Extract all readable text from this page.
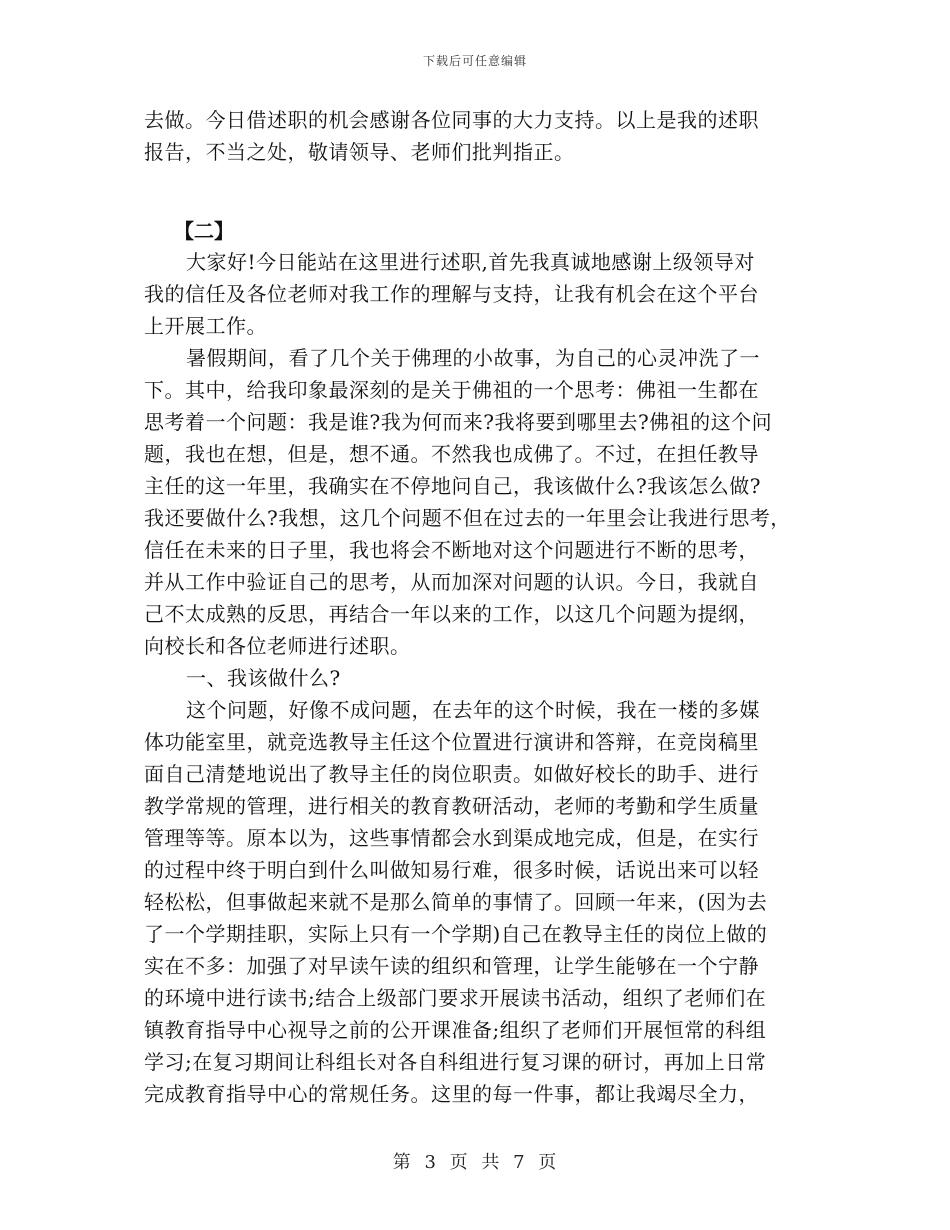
下载后可任意编辑
去做。今日借述职的机会感谢各位同事的大力支持。以上是我的述职
报告，不当之处，敬请领导、老师们批判指正。
【二】
大家好!今日能站在这里进行述职,首先我真诚地感谢上级领导对
我的信任及各位老师对我工作的理解与支持，让我有机会在这个平台
上开展工作。
暑假期间，看了几个关于佛理的小故事，为自己的心灵冲洗了一
下。其中，给我印象最深刻的是关于佛祖的一个思考：佛祖一生都在
思考着一个问题：我是谁?我为何而来?我将要到哪里去?佛祖的这个问
题，我也在想，但是，想不通。不然我也成佛了。不过，在担任教导
主任的这一年里，我确实在不停地问自己，我该做什么?我该怎么做?
我还要做什么?我想，这几个问题不但在过去的一年里会让我进行思考，
信任在未来的日子里，我也将会不断地对这个问题进行不断的思考，
并从工作中验证自己的思考，从而加深对问题的认识。今日，我就自
己不太成熟的反思，再结合一年以来的工作，以这几个问题为提纲，
向校长和各位老师进行述职。
一、我该做什么?
这个问题，好像不成问题，在去年的这个时候，我在一楼的多媒
体功能室里，就竞选教导主任这个位置进行演讲和答辩，在竞岗稿里
面自己清楚地说出了教导主任的岗位职责。如做好校长的助手、进行
教学常规的管理，进行相关的教育教研活动，老师的考勤和学生质量
管理等等。原本以为，这些事情都会水到渠成地完成，但是，在实行
的过程中终于明白到什么叫做知易行难，很多时候，话说出来可以轻
轻松松，但事做起来就不是那么简单的事情了。回顾一年来，(因为去
了一个学期挂职，实际上只有一个学期)自己在教导主任的岗位上做的
实在不多：加强了对早读午读的组织和管理，让学生能够在一个宁静
的环境中进行读书;结合上级部门要求开展读书活动，组织了老师们在
镇教育指导中心视导之前的公开课准备;组织了老师们开展恒常的科组
学习;在复习期间让科组长对各自科组进行复习课的研讨，再加上日常
完成教育指导中心的常规任务。这里的每一件事，都让我竭尽全力，
第 3 页 共 7 页
